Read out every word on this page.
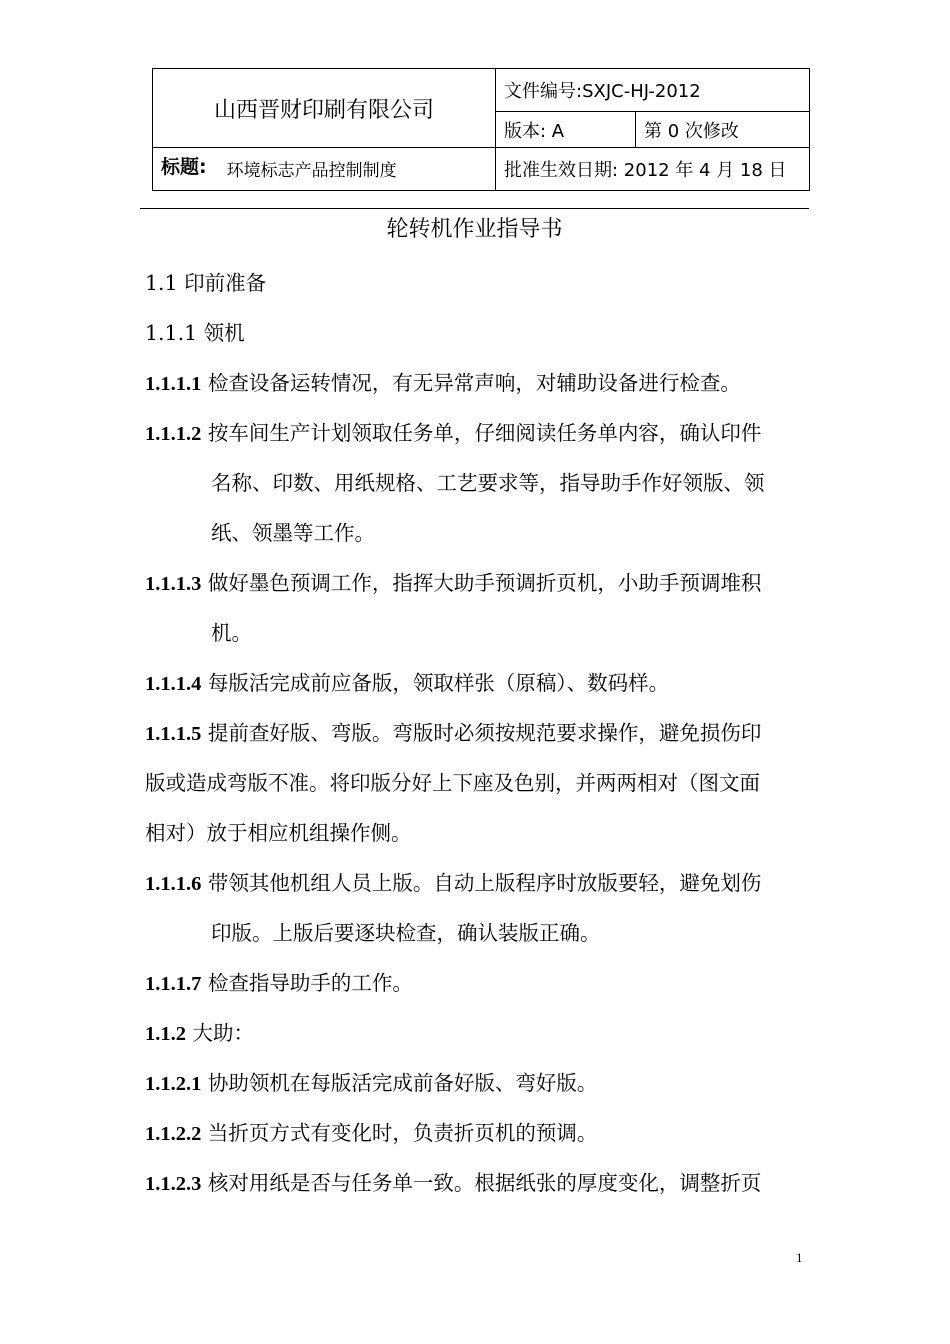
山西晋财印刷有限公司	文件编号:SXJC-HJ-2012	
	版本: A	第 0 次修改
标题: 环境标志产品控制制度	批准生效日期: 2012 年 4 月 18 日	
轮转机作业指导书
1.1 印前准备
1.1.1 领机
1.1.1.1 检查设备运转情况，有无异常声响，对辅助设备进行检查。
1.1.1.2 按车间生产计划领取任务单，仔细阅读任务单内容，确认印件
名称、印数、用纸规格、工艺要求等，指导助手作好领版、领
纸、领墨等工作。
1.1.1.3 做好墨色预调工作，指挥大助手预调折页机，小助手预调堆积
机。
1.1.1.4 每版活完成前应备版，领取样张（原稿）、数码样。
1.1.1.5 提前查好版、弯版。弯版时必须按规范要求操作，避免损伤印
版或造成弯版不准。将印版分好上下座及色别，并两两相对（图文面
相对）放于相应机组操作侧。
1.1.1.6 带领其他机组人员上版。自动上版程序时放版要轻，避免划伤
印版。上版后要逐块检查，确认装版正确。
1.1.1.7 检查指导助手的工作。
1.1.2 大助：
1.1.2.1 协助领机在每版活完成前备好版、弯好版。
1.1.2.2 当折页方式有变化时，负责折页机的预调。
1.1.2.3 核对用纸是否与任务单一致。根据纸张的厚度变化，调整折页
1
